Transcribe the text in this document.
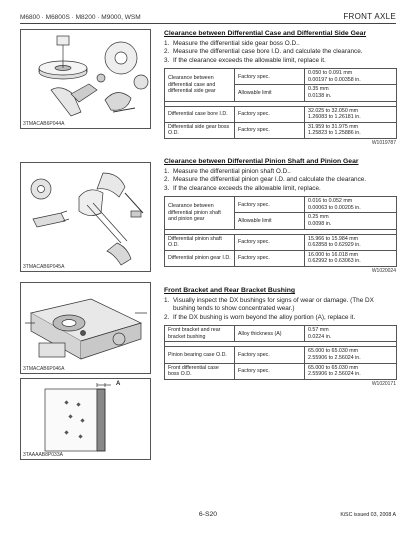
M6800 · M6800S · M8200 · M9000, WSM	FRONT AXLE
3TMACAB6P044A
3TMACAB6P045A
3TMACAB6P046A
A
3TAAAAB8P033A
Clearance between Differential Case and Differential Side Gear
1. Measure the differential side gear boss O.D..
2. Measure the differential case bore I.D. and calculate the clearance.
3. If the clearance exceeds the allowable limit, replace it.
Clearance between differential case and differential side gear	Factory spec.	0.050 to 0.091 mm
0.00197 to 0.00358 in.
	Allowable limit	0.35 mm
0.0138 in.

Differential case bore I.D.	Factory spec.	32.025 to 32.050 mm
1.26083 to 1.26181 in.
Differential side gear boss O.D.	Factory spec.	31.959 to 31.975 mm
1.25823 to 1.25886 in.
W1019787
Clearance between Differential Pinion Shaft and Pinion Gear
1. Measure the differential pinion shaft O.D..
2. Measure the differential pinion gear I.D. and calculate the clearance.
3. If the clearance exceeds the allowable limit, replace.
Clearance between differential pinion shaft and pinion gear	Factory spec.	0.016 to 0.052 mm
0.00063 to 0.00205 in.
	Allowable limit	0.25 mm
0.0098 in.

Differential pinion shaft O.D.	Factory spec.	15.966 to 15.984 mm
0.62858 to 0.62929 in.
Differential pinion gear I.D.	Factory spec.	16.000 to 16.018 mm
0.62992 to 0.63063 in.
W1020024
Front Bracket and Rear Bracket Bushing
1. Visually inspect the DX bushings for signs of wear or damage. (The DX bushing tends to show concentrated wear.)
2. If the DX bushing is worn beyond the alloy portion (A), replace it.
Front bracket and rear bracket bushing	Alloy thickness (A)	0.57 mm
0.0224 in.

Pinion bearing case O.D.	Factory spec.	65.000 to 65.030 mm
2.55906 to 2.56024 in.
Front differential case boss O.D.	Factory spec.	65.000 to 65.030 mm
2.55906 to 2.56024 in.
W1020171
6-S20	KiSC issued 03, 2008 A
